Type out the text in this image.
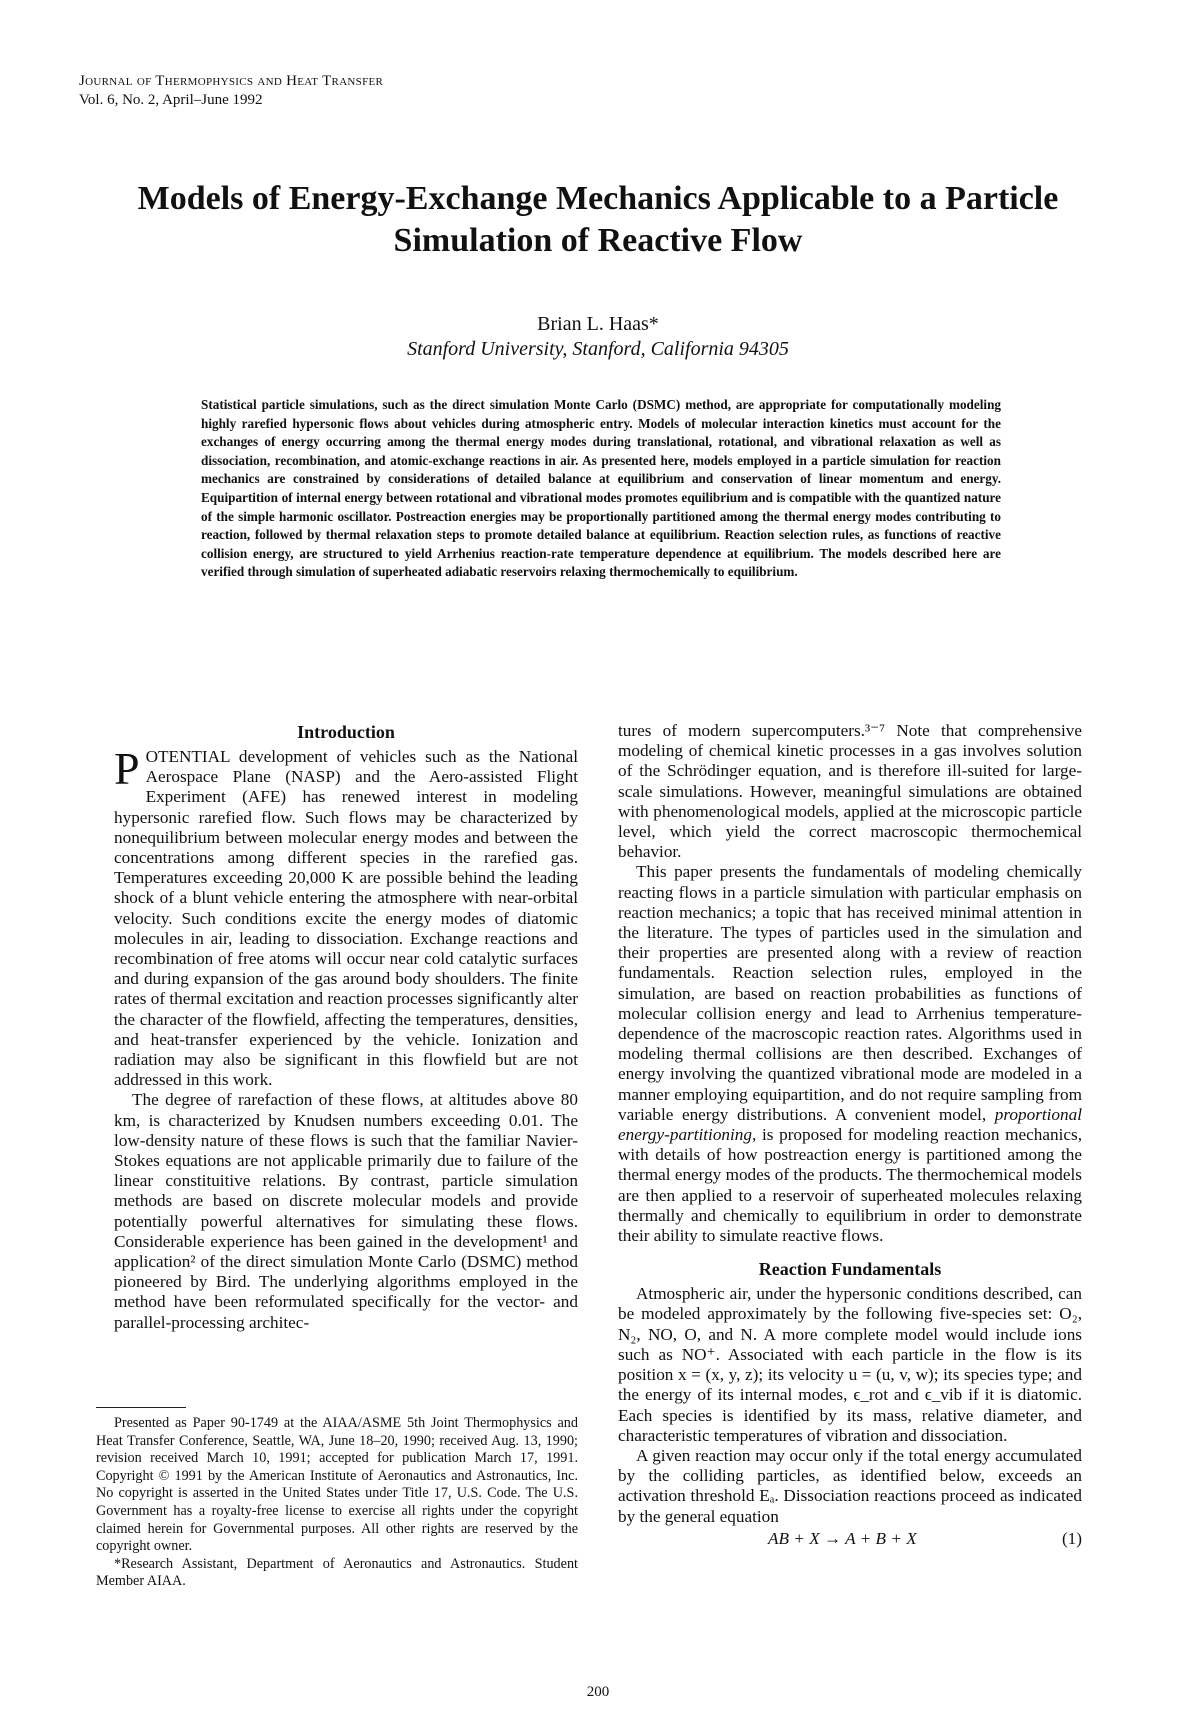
Journal of Thermophysics and Heat Transfer
Vol. 6, No. 2, April–June 1992
Models of Energy-Exchange Mechanics Applicable to a Particle Simulation of Reactive Flow
Brian L. Haas*
Stanford University, Stanford, California 94305
Statistical particle simulations, such as the direct simulation Monte Carlo (DSMC) method, are appropriate for computationally modeling highly rarefied hypersonic flows about vehicles during atmospheric entry. Models of molecular interaction kinetics must account for the exchanges of energy occurring among the thermal energy modes during translational, rotational, and vibrational relaxation as well as dissociation, recombination, and atomic-exchange reactions in air. As presented here, models employed in a particle simulation for reaction mechanics are constrained by considerations of detailed balance at equilibrium and conservation of linear momentum and energy. Equipartition of internal energy between rotational and vibrational modes promotes equilibrium and is compatible with the quantized nature of the simple harmonic oscillator. Postreaction energies may be proportionally partitioned among the thermal energy modes contributing to reaction, followed by thermal relaxation steps to promote detailed balance at equilibrium. Reaction selection rules, as functions of reactive collision energy, are structured to yield Arrhenius reaction-rate temperature dependence at equilibrium. The models described here are verified through simulation of superheated adiabatic reservoirs relaxing thermochemically to equilibrium.
Introduction

POTENTIAL development of vehicles such as the National Aerospace Plane (NASP) and the Aero-assisted Flight Experiment (AFE) has renewed interest in modeling hypersonic rarefied flow. Such flows may be characterized by nonequilibrium between molecular energy modes and between the concentrations among different species in the rarefied gas. Temperatures exceeding 20,000 K are possible behind the leading shock of a blunt vehicle entering the atmosphere with near-orbital velocity. Such conditions excite the energy modes of diatomic molecules in air, leading to dissociation. Exchange reactions and recombination of free atoms will occur near cold catalytic surfaces and during expansion of the gas around body shoulders. The finite rates of thermal excitation and reaction processes significantly alter the character of the flowfield, affecting the temperatures, densities, and heat-transfer experienced by the vehicle. Ionization and radiation may also be significant in this flowfield but are not addressed in this work.

The degree of rarefaction of these flows, at altitudes above 80 km, is characterized by Knudsen numbers exceeding 0.01. The low-density nature of these flows is such that the familiar Navier-Stokes equations are not applicable primarily due to failure of the linear constituitive relations. By contrast, particle simulation methods are based on discrete molecular models and provide potentially powerful alternatives for simulating these flows. Considerable experience has been gained in the development¹ and application² of the direct simulation Monte Carlo (DSMC) method pioneered by Bird. The underlying algorithms employed in the method have been reformulated specifically for the vector- and parallel-processing architec-

Presented as Paper 90-1749 at the AIAA/ASME 5th Joint Thermophysics and Heat Transfer Conference, Seattle, WA, June 18–20, 1990; received Aug. 13, 1990; revision received March 10, 1991; accepted for publication March 17, 1991. Copyright © 1991 by the American Institute of Aeronautics and Astronautics, Inc. No copyright is asserted in the United States under Title 17, U.S. Code. The U.S. Government has a royalty-free license to exercise all rights under the copyright claimed herein for Governmental purposes. All other rights are reserved by the copyright owner.

*Research Assistant, Department of Aeronautics and Astronautics. Student Member AIAA.

tures of modern supercomputers.³⁻⁷ Note that comprehensive modeling of chemical kinetic processes in a gas involves solution of the Schrödinger equation, and is therefore ill-suited for large-scale simulations. However, meaningful simulations are obtained with phenomenological models, applied at the microscopic particle level, which yield the correct macroscopic thermochemical behavior.

This paper presents the fundamentals of modeling chemically reacting flows in a particle simulation with particular emphasis on reaction mechanics; a topic that has received minimal attention in the literature. The types of particles used in the simulation and their properties are presented along with a review of reaction fundamentals. Reaction selection rules, employed in the simulation, are based on reaction probabilities as functions of molecular collision energy and lead to Arrhenius temperature-dependence of the macroscopic reaction rates. Algorithms used in modeling thermal collisions are then described. Exchanges of energy involving the quantized vibrational mode are modeled in a manner employing equipartition, and do not require sampling from variable energy distributions. A convenient model, proportional energy-partitioning, is proposed for modeling reaction mechanics, with details of how postreaction energy is partitioned among the thermal energy modes of the products. The thermochemical models are then applied to a reservoir of superheated molecules relaxing thermally and chemically to equilibrium in order to demonstrate their ability to simulate reactive flows.

Reaction Fundamentals

Atmospheric air, under the hypersonic conditions described, can be modeled approximately by the following five-species set: O₂, N₂, NO, O, and N. A more complete model would include ions such as NO⁺. Associated with each particle in the flow is its position x = (x, y, z); its velocity u = (u, v, w); its species type; and the energy of its internal modes, ϵ_rot and ϵ_vib if it is diatomic. Each species is identified by its mass, relative diameter, and characteristic temperatures of vibration and dissociation.

A given reaction may occur only if the total energy accumulated by the colliding particles, as identified below, exceeds an activation threshold Eₐ. Dissociation reactions proceed as indicated by the general equation

AB + X → A + B + X	(1)
200
